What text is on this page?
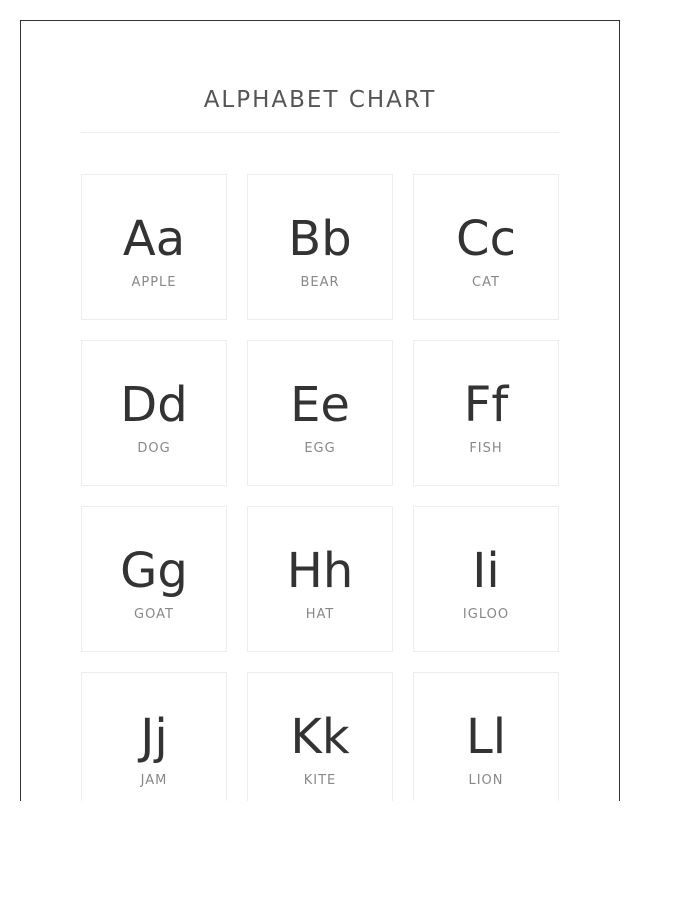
ALPHABET CHART
Aa
APPLE
Bb
BEAR
Cc
CAT
Dd
DOG
Ee
EGG
Ff
FISH
Gg
GOAT
Hh
HAT
Ii
IGLOO
Jj
JAM
Kk
KITE
Ll
LION
